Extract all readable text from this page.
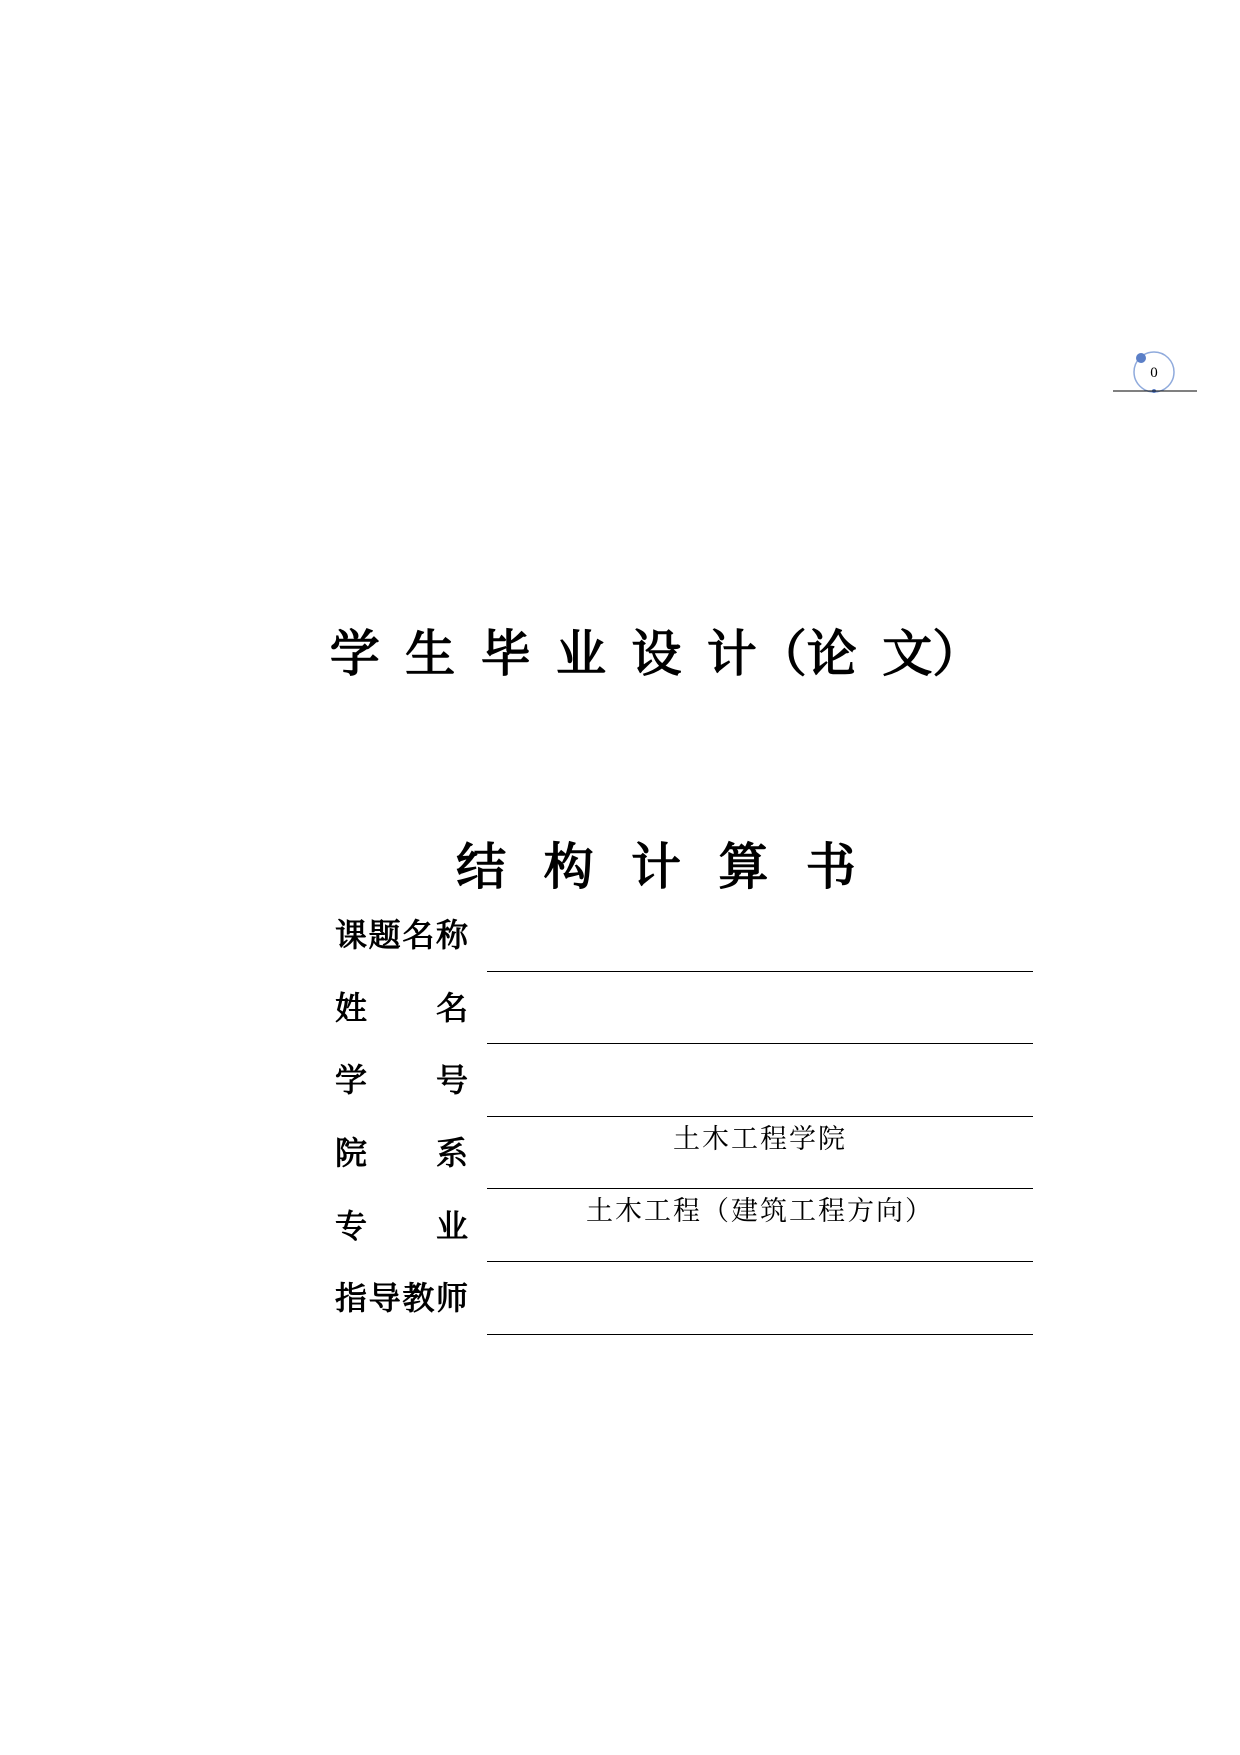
0

学 生 毕 业 设 计（论 文）

结 构 计 算 书

课题名称
姓 名
学 号
院 系	土木工程学院
专 业	土木工程（建筑工程方向）
指导教师
